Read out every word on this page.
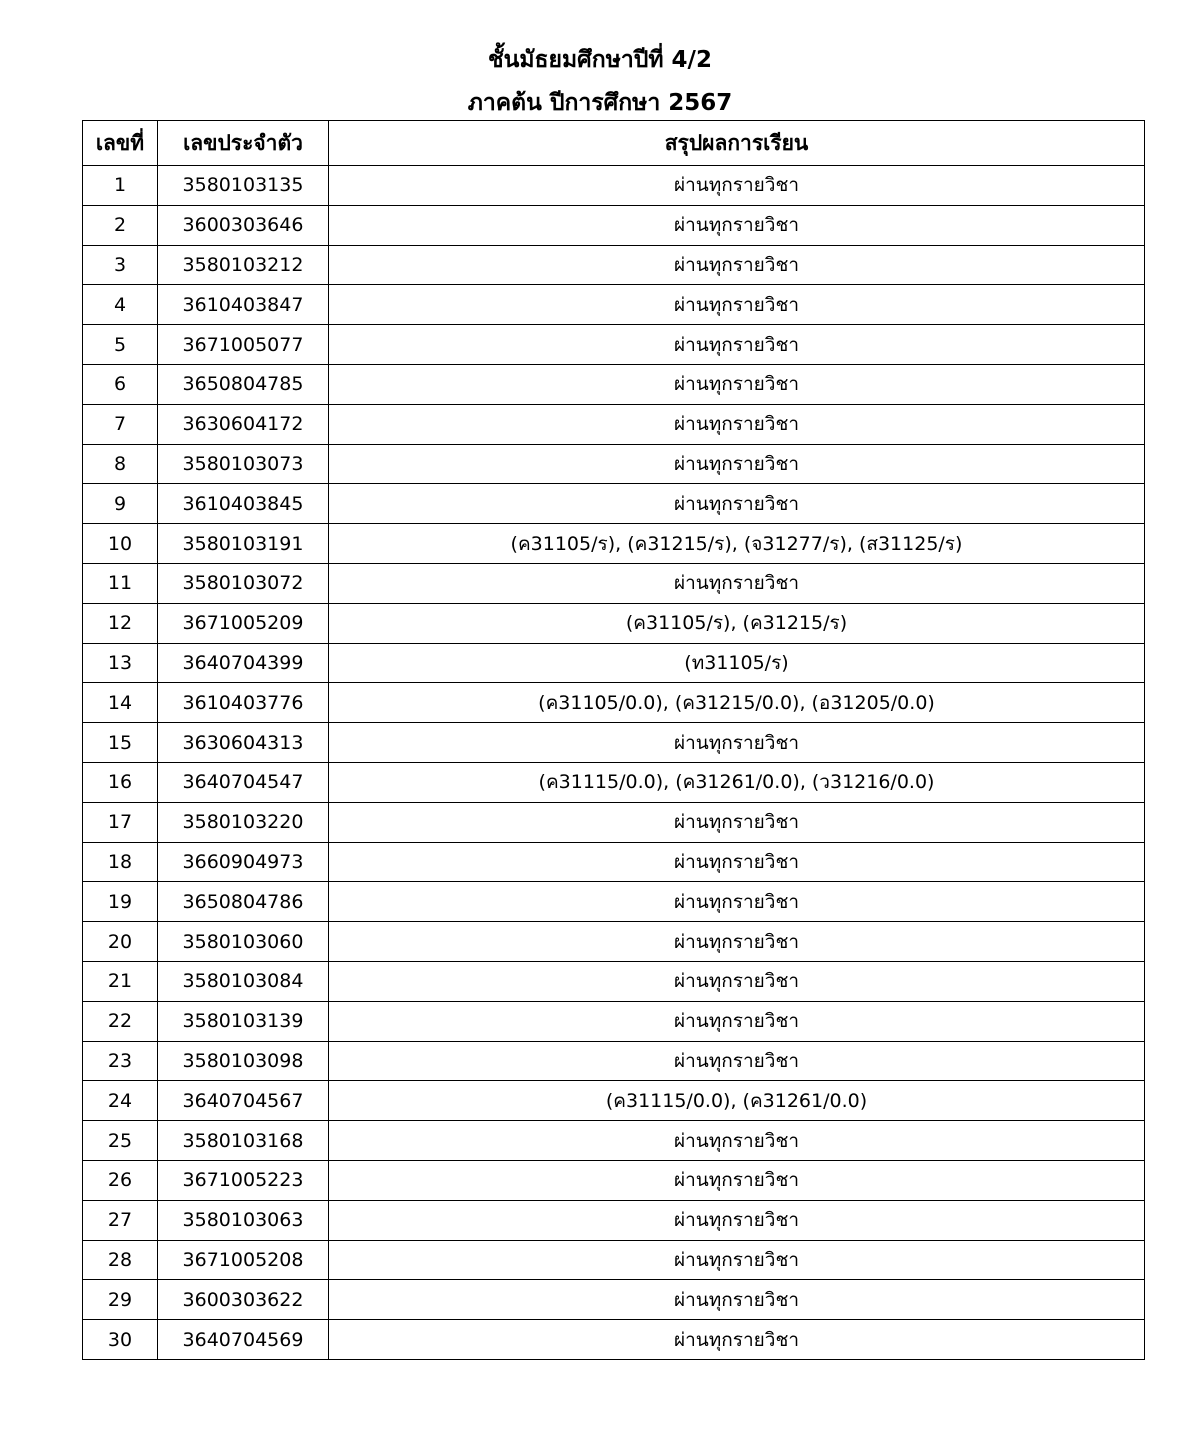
ชั้นมัธยมศึกษาปีที่ 4/2
ภาคต้น ปีการศึกษา 2567
เลขที่	เลขประจำตัว	สรุปผลการเรียน
1	3580103135	ผ่านทุกรายวิชา
2	3600303646	ผ่านทุกรายวิชา
3	3580103212	ผ่านทุกรายวิชา
4	3610403847	ผ่านทุกรายวิชา
5	3671005077	ผ่านทุกรายวิชา
6	3650804785	ผ่านทุกรายวิชา
7	3630604172	ผ่านทุกรายวิชา
8	3580103073	ผ่านทุกรายวิชา
9	3610403845	ผ่านทุกรายวิชา
10	3580103191	(ค31105/ร), (ค31215/ร), (จ31277/ร), (ส31125/ร)
11	3580103072	ผ่านทุกรายวิชา
12	3671005209	(ค31105/ร), (ค31215/ร)
13	3640704399	(ท31105/ร)
14	3610403776	(ค31105/0.0), (ค31215/0.0), (อ31205/0.0)
15	3630604313	ผ่านทุกรายวิชา
16	3640704547	(ค31115/0.0), (ค31261/0.0), (ว31216/0.0)
17	3580103220	ผ่านทุกรายวิชา
18	3660904973	ผ่านทุกรายวิชา
19	3650804786	ผ่านทุกรายวิชา
20	3580103060	ผ่านทุกรายวิชา
21	3580103084	ผ่านทุกรายวิชา
22	3580103139	ผ่านทุกรายวิชา
23	3580103098	ผ่านทุกรายวิชา
24	3640704567	(ค31115/0.0), (ค31261/0.0)
25	3580103168	ผ่านทุกรายวิชา
26	3671005223	ผ่านทุกรายวิชา
27	3580103063	ผ่านทุกรายวิชา
28	3671005208	ผ่านทุกรายวิชา
29	3600303622	ผ่านทุกรายวิชา
30	3640704569	ผ่านทุกรายวิชา
